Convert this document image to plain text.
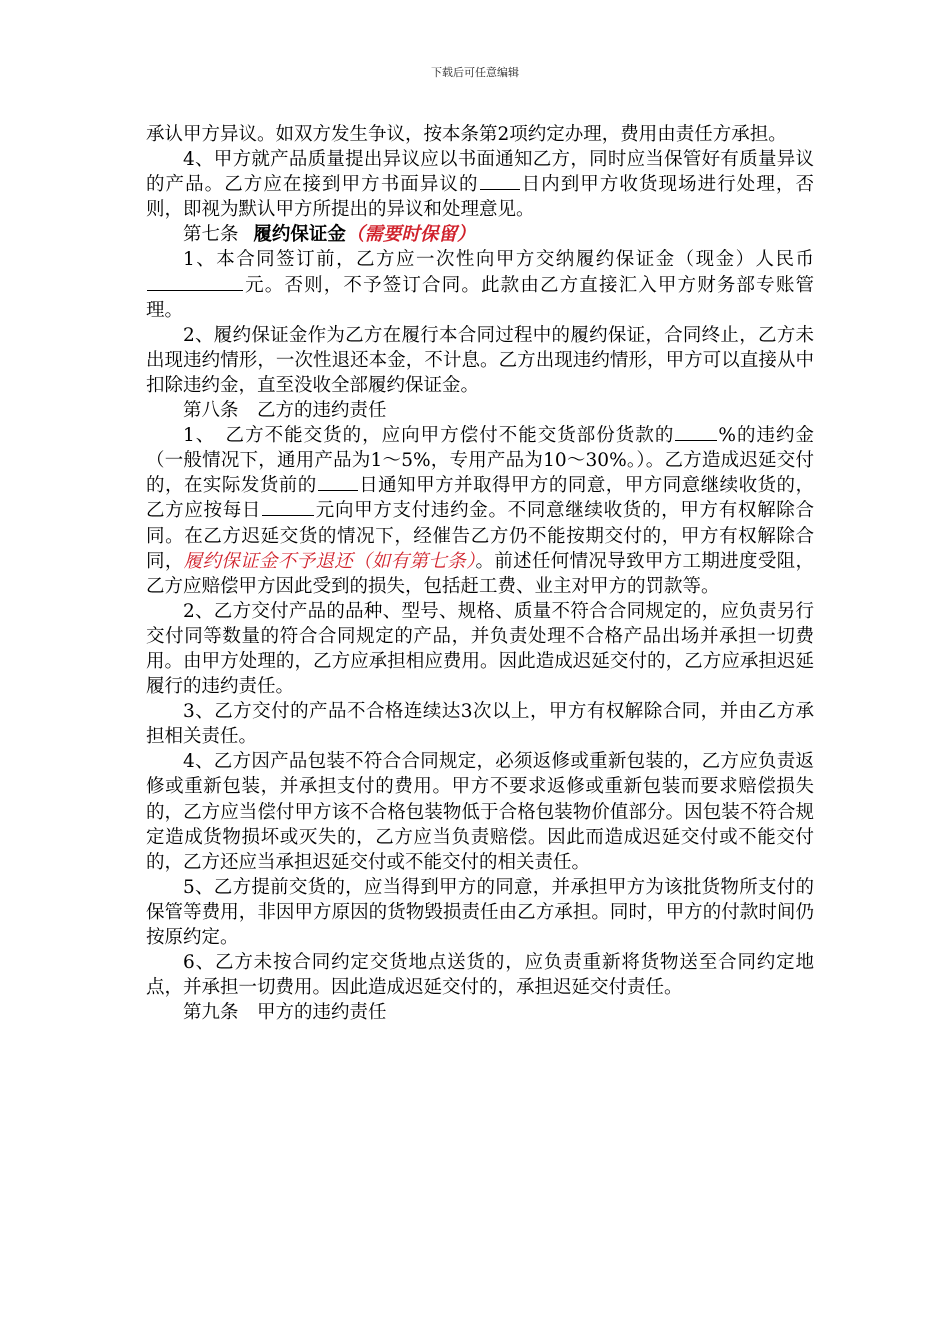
下载后可任意编辑

承认甲方异议。如双方发生争议，按本条第2项约定办理，费用由责任方承担。

4、甲方就产品质量提出异议应以书面通知乙方，同时应当保管好有质量异议的产品。乙方应在接到甲方书面异议的 日内到甲方收货现场进行处理，否则，即视为默认甲方所提出的异议和处理意见。

第七条 履约保证金（需要时保留）

1、本合同签订前，乙方应一次性向甲方交纳履约保证金（现金）人民币元。否则，不予签订合同。此款由乙方直接汇入甲方财务部专账管理。

2、履约保证金作为乙方在履行本合同过程中的履约保证，合同终止，乙方未出现违约情形，一次性退还本金，不计息。乙方出现违约情形，甲方可以直接从中扣除违约金，直至没收全部履约保证金。

第八条　乙方的违约责任

1、　乙方不能交货的，应向甲方偿付不能交货部份货款的 %的违约金（一般情况下，通用产品为1～5%，专用产品为10～30%。）。乙方造成迟延交付的，在实际发货前的 日通知甲方并取得甲方的同意，甲方同意继续收货的，乙方应按每日	元向甲方支付违约金。不同意继续收货的，甲方有权解除合同。在乙方迟延交货的情况下，经催告乙方仍不能按期交付的，甲方有权解除合同，履约保证金不予退还（如有第七条）。前述任何情况导致甲方工期进度受阻，乙方应赔偿甲方因此受到的损失，包括赶工费、业主对甲方的罚款等。

2、乙方交付产品的品种、型号、规格、质量不符合合同规定的，应负责另行交付同等数量的符合合同规定的产品，并负责处理不合格产品出场并承担一切费用。由甲方处理的，乙方应承担相应费用。因此造成迟延交付的，乙方应承担迟延履行的违约责任。

3、乙方交付的产品不合格连续达3次以上，甲方有权解除合同，并由乙方承担相关责任。

4、乙方因产品包装不符合合同规定，必须返修或重新包装的，乙方应负责返修或重新包装，并承担支付的费用。甲方不要求返修或重新包装而要求赔偿损失的，乙方应当偿付甲方该不合格包装物低于合格包装物价值部分。因包装不符合规定造成货物损坏或灭失的，乙方应当负责赔偿。因此而造成迟延交付或不能交付的，乙方还应当承担迟延交付或不能交付的相关责任。

5、乙方提前交货的，应当得到甲方的同意，并承担甲方为该批货物所支付的保管等费用，非因甲方原因的货物毁损责任由乙方承担。同时，甲方的付款时间仍按原约定。

6、乙方未按合同约定交货地点送货的，应负责重新将货物送至合同约定地点，并承担一切费用。因此造成迟延交付的，承担迟延交付责任。

第九条　甲方的违约责任
